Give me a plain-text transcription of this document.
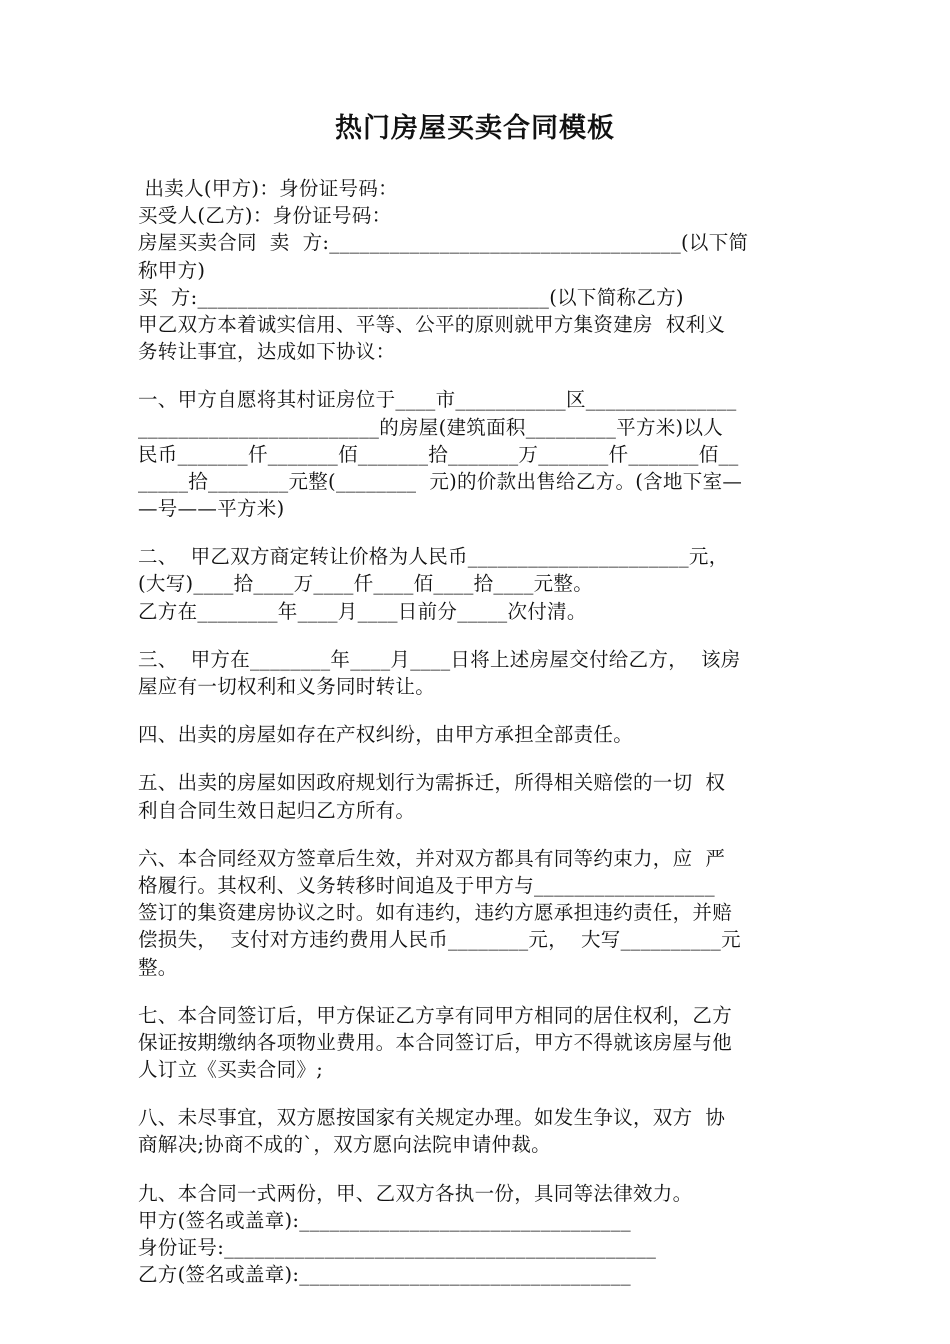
热门房屋买卖合同模板
出卖人(甲方)：身份证号码：
买受人(乙方)：身份证号码：
房屋买卖合同  卖  方:___________________________________(以下简
称甲方)
买  方:___________________________________(以下简称乙方)
甲乙双方本着诚实信用、平等、公平的原则就甲方集资建房  权利义
务转让事宜，达成如下协议：
一、甲方自愿将其村证房位于____市___________区_______________
________________________的房屋(建筑面积_________平方米)以人
民币_______仟_______佰_______拾_______万_______仟_______佰__
_____拾________元整(________  元)的价款出售给乙方。(含地下室—
—号——平方米)
二、  甲乙双方商定转让价格为人民币______________________元，
(大写)____拾____万____仟____佰____拾____元整。
乙方在________年____月____日前分_____次付清。
三、  甲方在________年____月____日将上述房屋交付给乙方，  该房
屋应有一切权利和义务同时转让。
四、出卖的房屋如存在产权纠纷，由甲方承担全部责任。
五、出卖的房屋如因政府规划行为需拆迁，所得相关赔偿的一切  权
利自合同生效日起归乙方所有。
六、本合同经双方签章后生效，并对双方都具有同等约束力，应  严
格履行。其权利、义务转移时间追及于甲方与__________________
签订的集资建房协议之时。如有违约，违约方愿承担违约责任，并赔
偿损失，  支付对方违约费用人民币________元，  大写__________元
整。
七、本合同签订后，甲方保证乙方享有同甲方相同的居住权利，乙方
保证按期缴纳各项物业费用。本合同签订后，甲方不得就该房屋与他
人订立《买卖合同》;
八、未尽事宜，双方愿按国家有关规定办理。如发生争议，双方  协
商解决;协商不成的`，双方愿向法院申请仲裁。
九、本合同一式两份，甲、乙双方各执一份，具同等法律效力。
甲方(签名或盖章):_________________________________
身份证号:___________________________________________
乙方(签名或盖章):_________________________________
